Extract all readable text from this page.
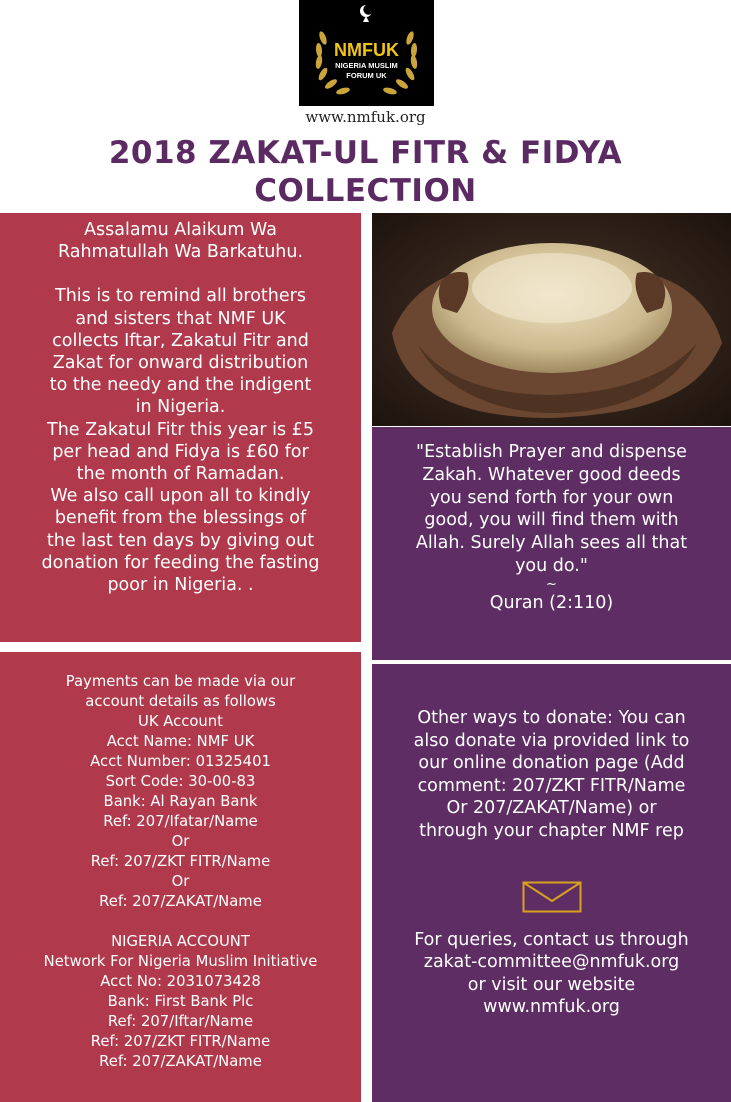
NMFUK
NIGERIA MUSLIM
FORUM UK
www.nmfuk.org
2018 ZAKAT-UL FITR & FIDYA
COLLECTION
Assalamu Alaikum Wa
Rahmatullah Wa Barkatuhu.
This is to remind all brothers
and sisters that NMF UK
collects Iftar, Zakatul Fitr and
Zakat for onward distribution
to the needy and the indigent
in Nigeria.
The Zakatul Fitr this year is £5
per head and Fidya is £60 for
the month of Ramadan.
We also call upon all to kindly
benefit from the blessings of
the last ten days by giving out
donation for feeding the fasting
poor in Nigeria. .
"Establish Prayer and dispense
Zakah. Whatever good deeds
you send forth for your own
good, you will find them with
Allah. Surely Allah sees all that
you do."
~
Quran (2:110)
Payments can be made via our
account details as follows
UK Account
Acct Name: NMF UK
Acct Number: 01325401
Sort Code: 30-00-83
Bank: Al Rayan Bank
Ref: 207/Ifatar/Name
Or
Ref: 207/ZKT FITR/Name
Or
Ref: 207/ZAKAT/Name
NIGERIA ACCOUNT
Network For Nigeria Muslim Initiative
Acct No: 2031073428
Bank: First Bank Plc
Ref: 207/Iftar/Name
Ref: 207/ZKT FITR/Name
Ref: 207/ZAKAT/Name
Other ways to donate: You can
also donate via provided link to
our online donation page (Add
comment: 207/ZKT FITR/Name
Or 207/ZAKAT/Name) or
through your chapter NMF rep
For queries, contact us through
zakat-committee@nmfuk.org
or visit our website
www.nmfuk.org
